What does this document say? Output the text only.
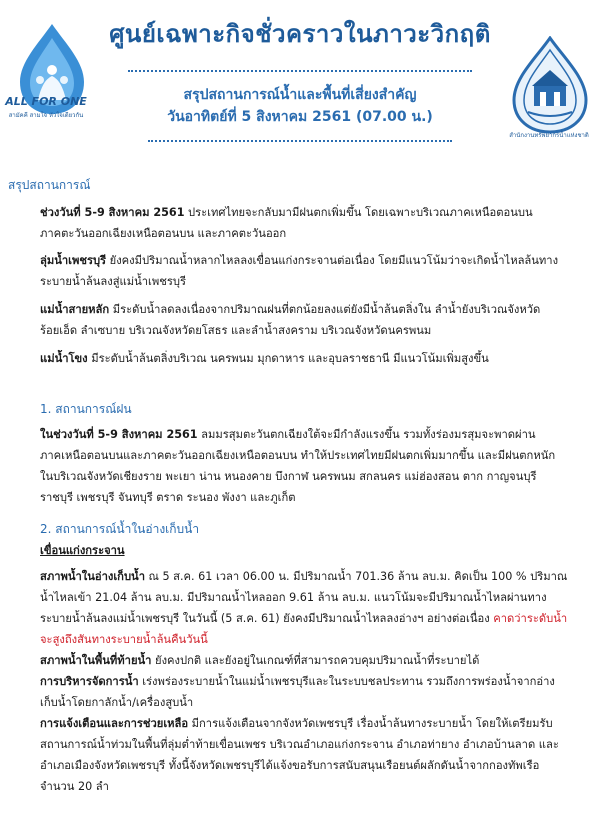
ALL FOR ONE
สามัคคี สามใจ หัวใจเดียวกัน
ศูนย์เฉพาะกิจชั่วคราวในภาวะวิกฤติ
สรุปสถานการณ์น้ำและพื้นที่เสี่ยงสำคัญ
วันอาทิตย์ที่ 5 สิงหาคม 2561 (07.00 น.)
สำนักงานทรัพยากรน้ำแห่งชาติ
สรุปสถานการณ์
ช่วงวันที่ 5-9 สิงหาคม 2561 ประเทศไทยจะกลับมามีฝนตกเพิ่มขึ้น โดยเฉพาะบริเวณภาคเหนือตอนบน
ภาคตะวันออกเฉียงเหนือตอนบน และภาคตะวันออก
ลุ่มน้ำเพชรบุรี ยังคงมีปริมาณน้ำหลากไหลลงเขื่อนแก่งกระจานต่อเนื่อง โดยมีแนวโน้มว่าจะเกิดน้ำไหลล้นทาง
ระบายน้ำล้นลงสู่แม่น้ำเพชรบุรี
แม่น้ำสายหลัก มีระดับน้ำลดลงเนื่องจากปริมาณฝนที่ตกน้อยลงแต่ยังมีน้ำล้นตลิ่งใน ลำน้ำยังบริเวณจังหวัด
ร้อยเอ็ด ลำเซบาย บริเวณจังหวัดยโสธร และลำน้ำสงคราม บริเวณจังหวัดนครพนม
แม่น้ำโขง มีระดับน้ำล้นตลิ่งบริเวณ นครพนม มุกดาหาร และอุบลราชธานี มีแนวโน้มเพิ่มสูงขึ้น
1. สถานการณ์ฝน
ในช่วงวันที่ 5-9 สิงหาคม 2561 ลมมรสุมตะวันตกเฉียงใต้จะมีกำลังแรงขึ้น รวมทั้งร่องมรสุมจะพาดผ่าน
ภาคเหนือตอนบนและภาคตะวันออกเฉียงเหนือตอนบน ทำให้ประเทศไทยมีฝนตกเพิ่มมากขึ้น และมีฝนตกหนัก
ในบริเวณจังหวัดเชียงราย พะเยา น่าน หนองคาย บึงกาฬ นครพนม สกลนคร แม่ฮ่องสอน ตาก กาญจนบุรี
ราชบุรี เพชรบุรี จันทบุรี ตราด ระนอง พังงา และภูเก็ต
2. สถานการณ์น้ำในอ่างเก็บน้ำ
เขื่อนแก่งกระจาน
สภาพน้ำในอ่างเก็บน้ำ ณ 5 ส.ค. 61 เวลา 06.00 น. มีปริมาณน้ำ 701.36 ล้าน ลบ.ม. คิดเป็น 100 % ปริมาณ
น้ำไหลเข้า 21.04 ล้าน ลบ.ม. มีปริมาณน้ำไหลออก 9.61 ล้าน ลบ.ม. แนวโน้มจะมีปริมาณน้ำไหลผ่านทาง
ระบายน้ำล้นลงแม่น้ำเพชรบุรี ในวันนี้ (5 ส.ค. 61) ยังคงมีปริมาณน้ำไหลลงอ่างฯ อย่างต่อเนื่อง คาดว่าระดับน้ำ
จะสูงถึงสันทางระบายน้ำล้นคืนวันนี้
สภาพน้ำในพื้นที่ท้ายน้ำ ยังคงปกติ และยังอยู่ในเกณฑ์ที่สามารถควบคุมปริมาณน้ำที่ระบายได้
การบริหารจัดการน้ำ เร่งพร่องระบายน้ำในแม่น้ำเพชรบุรีและในระบบชลประทาน รวมถึงการพร่องน้ำจากอ่าง
เก็บน้ำโดยกาลักน้ำ/เครื่องสูบน้ำ
การแจ้งเตือนและการช่วยเหลือ มีการแจ้งเตือนจากจังหวัดเพชรบุรี เรื่องน้ำล้นทางระบายน้ำ โดยให้เตรียมรับ
สถานการณ์น้ำท่วมในพื้นที่ลุ่มต่ำท้ายเขื่อนเพชร บริเวณอำเภอแก่งกระจาน อำเภอท่ายาง อำเภอบ้านลาด และ
อำเภอเมืองจังหวัดเพชรบุรี ทั้งนี้จังหวัดเพชรบุรีได้แจ้งขอรับการสนับสนุนเรือยนต์ผลักดันน้ำจากกองทัพเรือ
จำนวน 20 ลำ
